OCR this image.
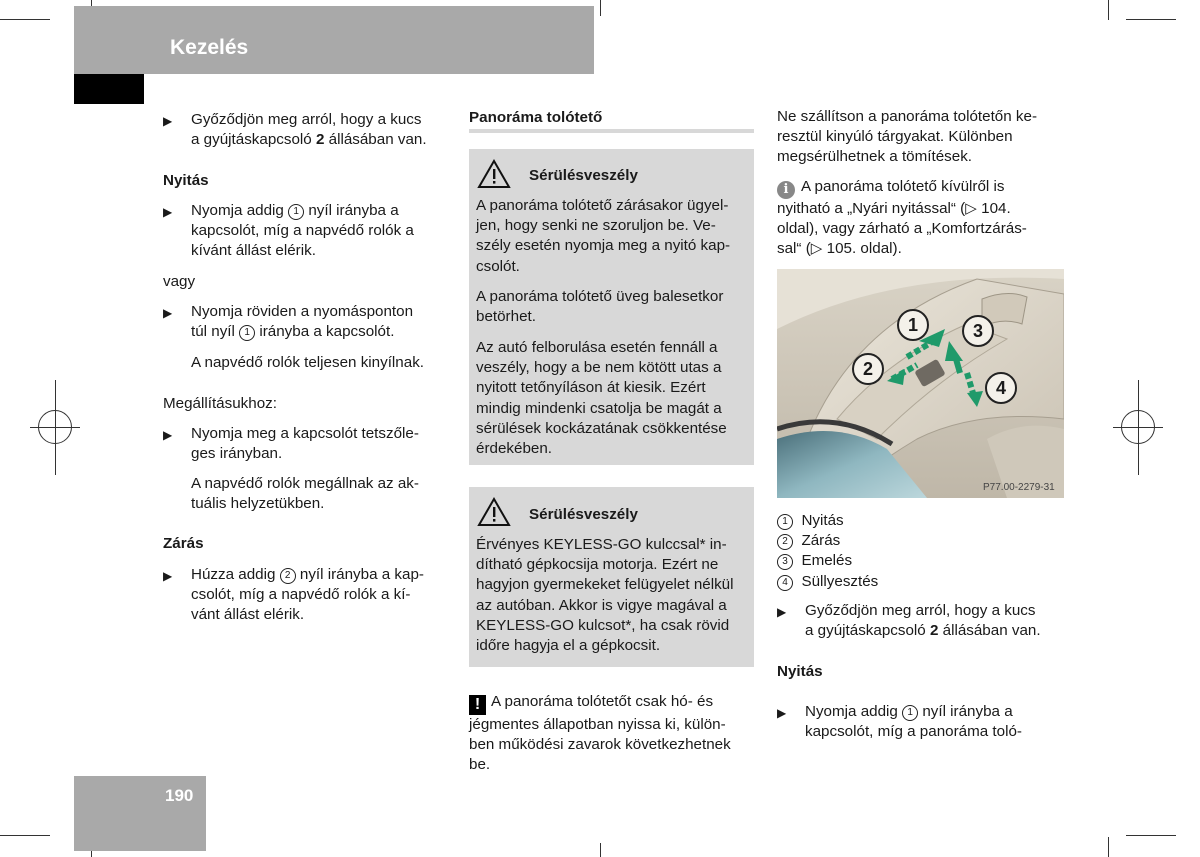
Kezelés
190
▶ Győződjön meg arról, hogy a kucs
a gyújtáskapcsoló 2 állásában van.
Nyitás
▶ Nyomja addig 1 nyíl irányba a
kapcsolót, míg a napvédő rolók a
kívánt állást elérik.
vagy
▶ Nyomja röviden a nyomásponton
túl nyíl 1 irányba a kapcsolót.
A napvédő rolók teljesen kinyílnak.
Megállításukhoz:
▶ Nyomja meg a kapcsolót tetszőle-
ges irányban.
A napvédő rolók megállnak az ak-
tuális helyzetükben.
Zárás
▶ Húzza addig 2 nyíl irányba a kap-
csolót, míg a napvédő rolók a kí-
vánt állást elérik.
Panoráma tolótető
Sérülésveszély
A panoráma tolótető zárásakor ügyel-
jen, hogy senki ne szoruljon be. Ve-
szély esetén nyomja meg a nyitó kap-
csolót.
A panoráma tolótető üveg balesetkor
betörhet.
Az autó felborulása esetén fennáll a
veszély, hogy a be nem kötött utas a
nyitott tetőnyíláson át kiesik. Ezért
mindig mindenki csatolja be magát a
sérülések kockázatának csökkentése
érdekében.
Sérülésveszély
Érvényes KEYLESS-GO kulccsal* in-
dítható gépkocsija motorja. Ezért ne
hagyjon gyermekeket felügyelet nélkül
az autóban. Akkor is vigye magával a
KEYLESS-GO kulcsot*, ha csak rövid
időre hagyja el a gépkocsit.
! A panoráma tolótetőt csak hó- és
jégmentes állapotban nyissa ki, külön-
ben működési zavarok következhetnek
be.
Ne szállítson a panoráma tolótetőn ke-
resztül kinyúló tárgyakat. Különben
megsérülhetnek a tömítések.
i A panoráma tolótető kívülről is
nyitható a „Nyári nyitással“ (▷ 104.
oldal), vagy zárható a „Komfortzárás-
sal“ (▷ 105. oldal).
1
2
3
4
P77.00-2279-31
1 Nyitás
2 Zárás
3 Emelés
4 Süllyesztés
▶ Győződjön meg arról, hogy a kucs
a gyújtáskapcsoló 2 állásában van.
Nyitás
▶ Nyomja addig 1 nyíl irányba a
kapcsolót, míg a panoráma toló-
